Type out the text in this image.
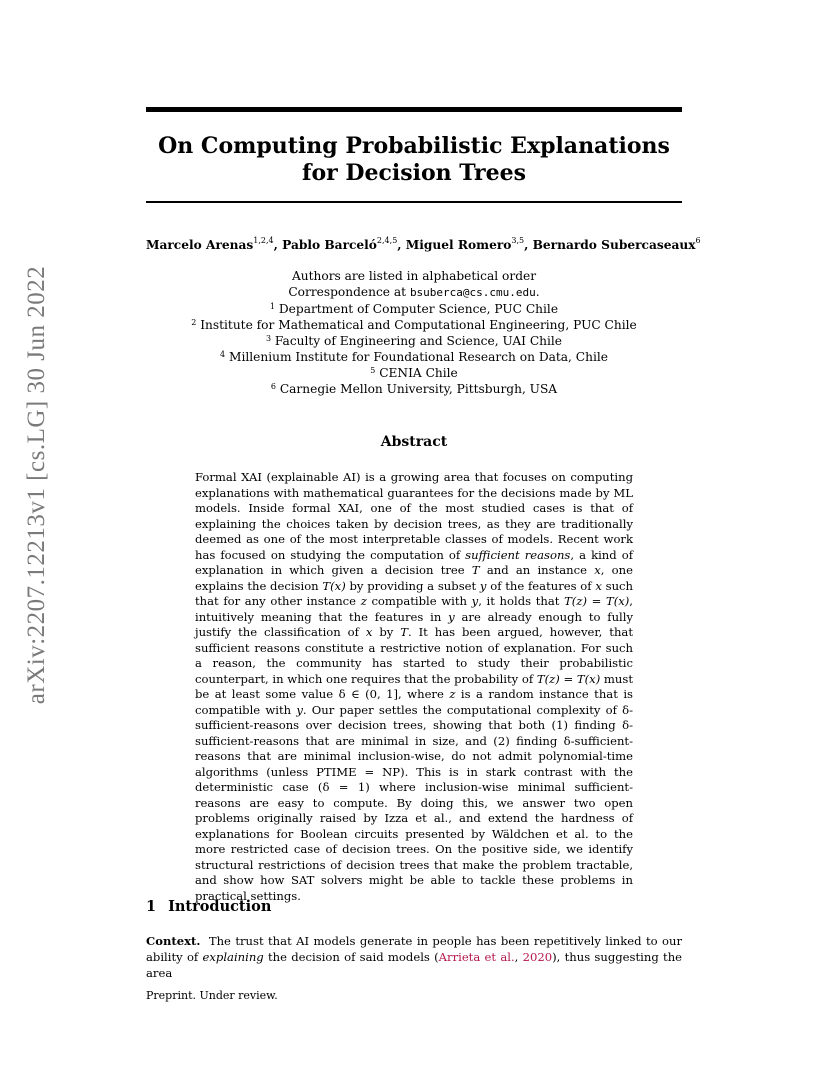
arXiv:2207.12213v1 [cs.LG] 30 Jun 2022
On Computing Probabilistic Explanations
for Decision Trees
Marcelo Arenas$^{1,2,4}$, Pablo Barceló$^{2,4,5}$, Miguel Romero$^{3,5}$, Bernardo Subercaseaux$^6$
Authors are listed in alphabetical order
Correspondence at bsuberca@cs.cmu.edu.
$^1$ Department of Computer Science, PUC Chile
$^2$ Institute for Mathematical and Computational Engineering, PUC Chile
$^3$ Faculty of Engineering and Science, UAI Chile
$^4$ Millenium Institute for Foundational Research on Data, Chile
$^5$ CENIA Chile
$^6$ Carnegie Mellon University, Pittsburgh, USA
Abstract

Formal XAI (explainable AI) is a growing area that focuses on computing explanations with mathematical guarantees for the decisions made by ML models. Inside formal XAI, one of the most studied cases is that of explaining the choices taken by decision trees, as they are traditionally deemed as one of the most interpretable classes of models. Recent work has focused on studying the computation of sufficient reasons, a kind of explanation in which given a decision tree T and an instance x, one explains the decision T(x) by providing a subset y of the features of x such that for any other instance z compatible with y, it holds that T(z) = T(x), intuitively meaning that the features in y are already enough to fully justify the classification of x by T. It has been argued, however, that sufficient reasons constitute a restrictive notion of explanation. For such a reason, the community has started to study their probabilistic counterpart, in which one requires that the probability of T(z) = T(x) must be at least some value δ ∈ (0, 1], where z is a random instance that is compatible with y. Our paper settles the computational complexity of δ-sufficient-reasons over decision trees, showing that both (1) finding δ-sufficient-reasons that are minimal in size, and (2) finding δ-sufficient-reasons that are minimal inclusion-wise, do not admit polynomial-time algorithms (unless PTIME = NP). This is in stark contrast with the deterministic case (δ = 1) where inclusion-wise minimal sufficient-reasons are easy to compute. By doing this, we answer two open problems originally raised by Izza et al., and extend the hardness of explanations for Boolean circuits presented by Wäldchen et al. to the more restricted case of decision trees. On the positive side, we identify structural restrictions of decision trees that make the problem tractable, and show how SAT solvers might be able to tackle these problems in practical settings.

1 Introduction

Context. The trust that AI models generate in people has been repetitively linked to our ability of explaining the decision of said models (Arrieta et al., 2020), thus suggesting the area

Preprint. Under review.
